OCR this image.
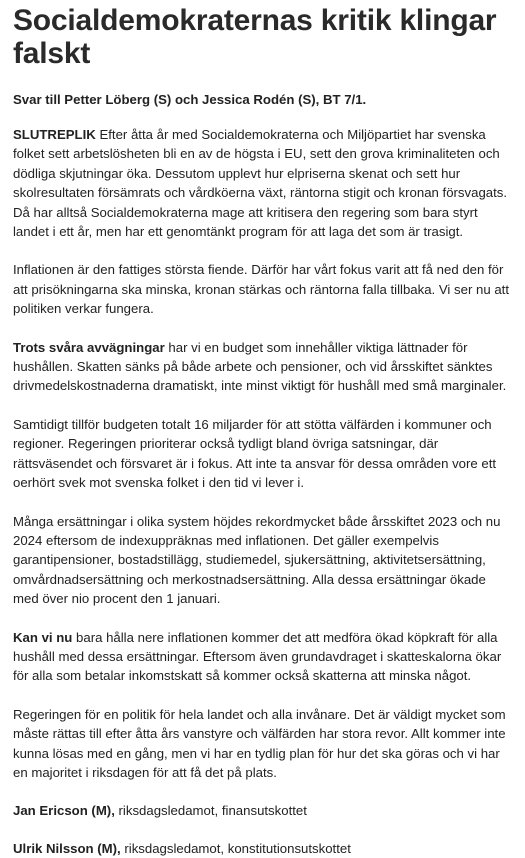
Socialdemokraternas kritik klingar falskt
Svar till Petter Löberg (S) och Jessica Rodén (S), BT 7/1.

SLUTREPLIK Efter åtta år med Socialdemokraterna och Miljöpartiet har svenska folket sett arbetslösheten bli en av de högsta i EU, sett den grova kriminaliteten och dödliga skjutningar öka. Dessutom upplevt hur elpriserna skenat och sett hur skolresultaten försämrats och vårdköerna växt, räntorna stigit och kronan försvagats. Då har alltså Socialdemokraterna mage att kritisera den regering som bara styrt landet i ett år, men har ett genomtänkt program för att laga det som är trasigt.

Inflationen är den fattiges största fiende. Därför har vårt fokus varit att få ned den för att prisökningarna ska minska, kronan stärkas och räntorna falla tillbaka. Vi ser nu att politiken verkar fungera.

Trots svåra avvägningar har vi en budget som innehåller viktiga lättnader för hushållen. Skatten sänks på både arbete och pensioner, och vid årsskiftet sänktes drivmedelskostnaderna dramatiskt, inte minst viktigt för hushåll med små marginaler.

Samtidigt tillför budgeten totalt 16 miljarder för att stötta välfärden i kommuner och regioner. Regeringen prioriterar också tydligt bland övriga satsningar, där rättsväsendet och försvaret är i fokus. Att inte ta ansvar för dessa områden vore ett oerhört svek mot svenska folket i den tid vi lever i.

Många ersättningar i olika system höjdes rekordmycket både årsskiftet 2023 och nu 2024 eftersom de indexuppräknas med inflationen. Det gäller exempelvis garantipensioner, bostadstillägg, studiemedel, sjukersättning, aktivitetsersättning, omvårdnadsersättning och merkostnadsersättning. Alla dessa ersättningar ökade med över nio procent den 1 januari.

Kan vi nu bara hålla nere inflationen kommer det att medföra ökad köpkraft för alla hushåll med dessa ersättningar. Eftersom även grundavdraget i skatteskalorna ökar för alla som betalar inkomstskatt så kommer också skatterna att minska något.

Regeringen för en politik för hela landet och alla invånare. Det är väldigt mycket som måste rättas till efter åtta års vanstyre och välfärden har stora revor. Allt kommer inte kunna lösas med en gång, men vi har en tydlig plan för hur det ska göras och vi har en majoritet i riksdagen för att få det på plats.

Jan Ericson (M), riksdagsledamot, finansutskottet
Ulrik Nilsson (M), riksdagsledamot, konstitutionsutskottet
